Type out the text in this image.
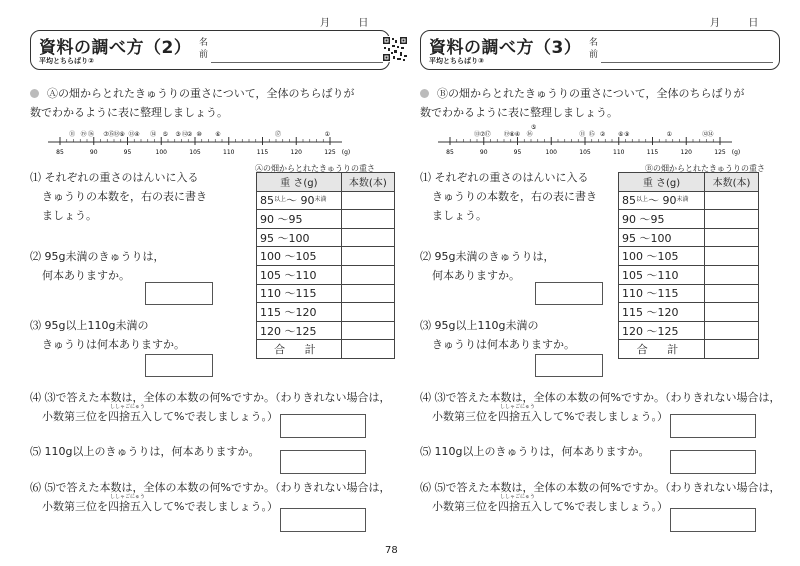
月	日
資料の調べ方（2）
平均とちらばり②
名
前
Ⓐの畑からとれたきゅうりの重さについて，全体のちらばりが
数でわかるように表に整理しましょう。
85	90	95	100	105	110	115	120	125 (g)
⑪ ⑲ ⑯ ⑦ ⑮ ⑱ ⑨ ⑬ ④ ⑭ ⑤ ③ ⑫ ② ⑩ ⑥	⑰	①
Ⓐの畑からとれたきゅうりの重さ
重 さ(g)	本数(本)
$85^{以上}\sim$ $90^{未満}$	
90 ～95	
95 ～100	
100 ～105	
105 ～110	
110 ～115	
115 ～120	
120 ～125	
合 計	
⑴ それぞれの重さのはんいに入る
きゅうりの本数を，右の表に書き
ましょう。
⑵ 95g未満のきゅうりは，
何本ありますか。
⑶ 95g以上110g未満の
きゅうりは何本ありますか。
⑷ ⑶で答えた本数は，全体の本数の何%ですか。（わりきれない場合は，
小数第三位を四捨五入して%で表しましょう。）
ししゃごにゅう
⑸ 110g以上のきゅうりは，何本ありますか。
⑹ ⑸で答えた本数は，全体の本数の何%ですか。（わりきれない場合は，
小数第三位を四捨五入して%で表しましょう。）
ししゃごにゅう
月	日
資料の調べ方（3）
平均とちらばり③
名
前
Ⓑの畑からとれたきゅうりの重さについて，全体のちらばりが
数でわかるように表に整理しましょう。
85	90	95	100	105	110	115	120	125 (g)
⑬ ⑦ ⑰ ⑲ ⑧ ④ ⑯
⑤
⑪ ⑮ ② ⑥ ⑨	①	⑫ ⑭
Ⓑの畑からとれたきゅうりの重さ
重 さ(g)	本数(本)
$85^{以上}\sim$ $90^{未満}$	
90 ～95	
95 ～100	
100 ～105	
105 ～110	
110 ～115	
115 ～120	
120 ～125	
合 計	
⑴ それぞれの重さのはんいに入る
きゅうりの本数を，右の表に書き
ましょう。
⑵ 95g未満のきゅうりは，
何本ありますか。
⑶ 95g以上110g未満の
きゅうりは何本ありますか。
⑷ ⑶で答えた本数は，全体の本数の何%ですか。（わりきれない場合は，
小数第三位を四捨五入して%で表しましょう。）
ししゃごにゅう
⑸ 110g以上のきゅうりは，何本ありますか。
⑹ ⑸で答えた本数は，全体の本数の何%ですか。（わりきれない場合は，
小数第三位を四捨五入して%で表しましょう。）
ししゃごにゅう
78
